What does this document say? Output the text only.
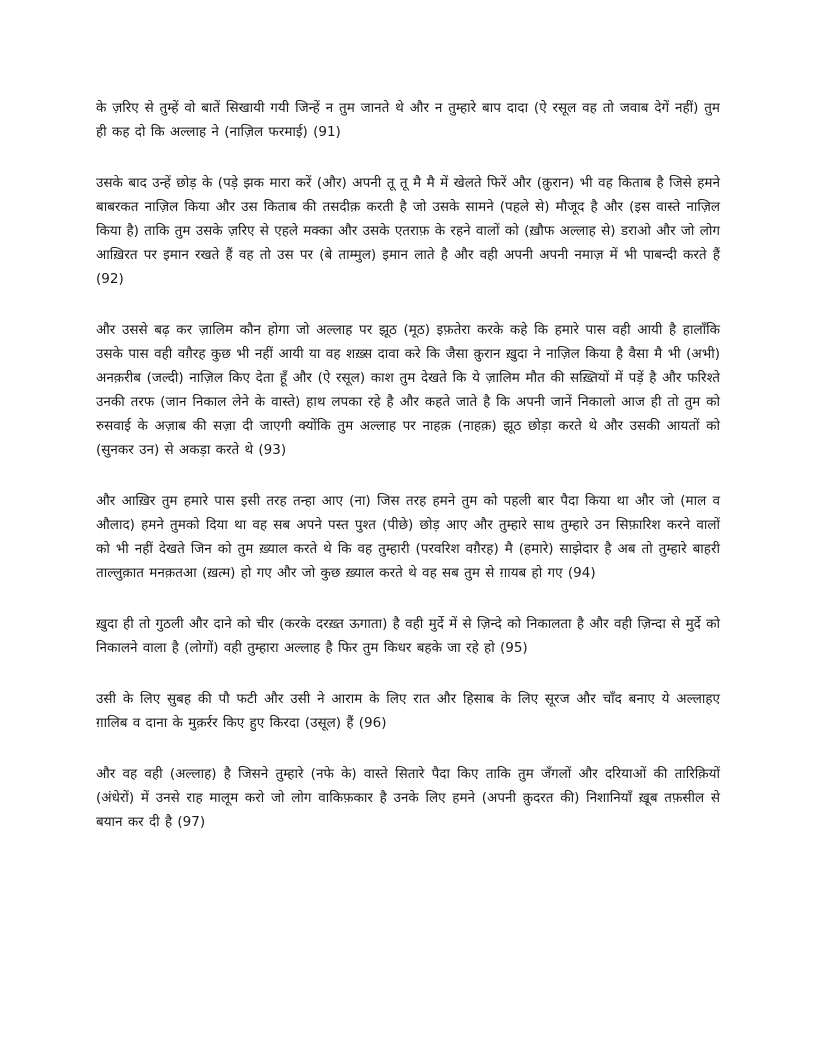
के ज़रिए से तुम्हें वो बातें सिखायी गयी जिन्हें न तुम जानते थे और न तुम्हारे बाप दादा (ऐ रसूल वह तो जवाब देगें नहीं) तुम ही कह दो कि अल्लाह ने (नाज़िल फरमाई) (91)

उसके बाद उन्हें छोड़ के (पड़े झक मारा करें (और) अपनी तू तू मै मै में खेलते फिरें और (क़ुरान) भी वह किताब है जिसे हमने बाबरकत नाज़िल किया और उस किताब की तसदीक़ करती है जो उसके सामने (पहले से) मौजूद है और (इस वास्ते नाज़िल किया है) ताकि तुम उसके ज़रिए से एहले मक्का और उसके एतराफ़ के रहने वालों को (ख़ौफ अल्लाह से) डराओ और जो लोग आख़िरत पर इमान रखते हैं वह तो उस पर (बे ताम्मुल) इमान लाते है और वही अपनी अपनी नमाज़ में भी पाबन्दी करते हैं (92)

और उससे बढ़ कर ज़ालिम कौन होगा जो अल्लाह पर झूठ (मूठ) इफ़तेरा करके कहे कि हमारे पास वही आयी है हालाँकि उसके पास वही वग़ैरह कुछ भी नहीं आयी या वह शख़्स दावा करे कि जैसा क़ुरान ख़ुदा ने नाज़िल किया है वैसा मै भी (अभी) अनक़रीब (जल्दी) नाज़िल किए देता हूँ और (ऐ रसूल) काश तुम देखते कि ये ज़ालिम मौत की सख़्तियों में पड़ें है और फरिश्ते उनकी तरफ (जान निकाल लेने के वास्ते) हाथ लपका रहे है और कहते जाते है कि अपनी जानें निकालो आज ही तो तुम को रुसवाई के अज़ाब की सज़ा दी जाएगी क्योंकि तुम अल्लाह पर नाहक़ (नाहक़) झूठ छोड़ा करते थे और उसकी आयतों को (सुनकर उन) से अकड़ा करते थे (93)

और आख़िर तुम हमारे पास इसी तरह तन्हा आए (ना) जिस तरह हमने तुम को पहली बार पैदा किया था और जो (माल व औलाद) हमने तुमको दिया था वह सब अपने पस्त पुश्त (पीछे) छोड़ आए और तुम्हारे साथ तुम्हारे उन सिफ़ारिश करने वालों को भी नहीं देखते जिन को तुम ख़्याल करते थे कि वह तुम्हारी (परवरिश वग़ैरह) मै (हमारे) साझेदार है अब तो तुम्हारे बाहरी ताल्लुक़ात मनक़तआ (ख़त्म) हो गए और जो कुछ ख़्याल करते थे वह सब तुम से ग़ायब हो गए (94)

ख़ुदा ही तो गुठली और दाने को चीर (करके दरख़्त ऊगाता) है वही मुर्दे में से ज़िन्दे को निकालता है और वही ज़िन्दा से मुर्दे को निकालने वाला है (लोगों) वही तुम्हारा अल्लाह है फिर तुम किधर बहके जा रहे हो (95)

उसी के लिए सुबह की पौ फटी और उसी ने आराम के लिए रात और हिसाब के लिए सूरज और चाँद बनाए ये अल्लाहए ग़ालिब व दाना के मुक़र्रर किए हुए किरदा (उसूल) हैं (96)

और वह वही (अल्लाह) है जिसने तुम्हारे (नफे के) वास्ते सितारे पैदा किए ताकि तुम जँगलों और दरियाओं की तारिक़ियों (अंधेरों) में उनसे राह मालूम करो जो लोग वाकिफ़कार है उनके लिए हमने (अपनी क़ुदरत की) निशानियाँ ख़ूब तफ़सील से बयान कर दी है (97)
